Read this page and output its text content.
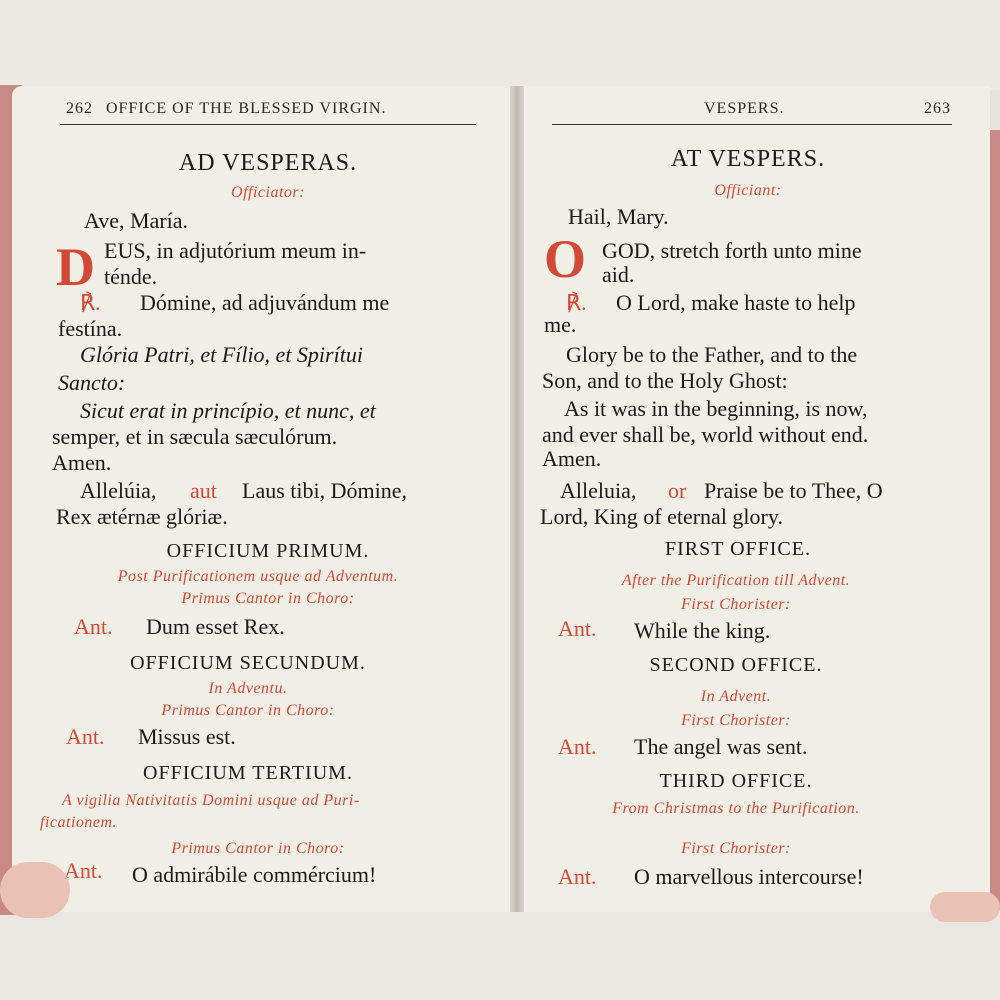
262 OFFICE OF THE BLESSED VIRGIN.
AD VESPERAS.
Officiator:
Ave, María.
D EUS, in adjutórium meum in-
ténde.
℟. Dómine, ad adjuvándum me
festína.
Glória Patri, et Fílio, et Spirítui
Sancto:
Sicut erat in princípio, et nunc, et
semper, et in sæcula sæculórum.
Amen.
Allelúia, aut Laus tibi, Dómine,
Rex ætérnæ glóriæ.
OFFICIUM PRIMUM.
Post Purificationem usque ad Adventum.
Primus Cantor in Choro:
Ant. Dum esset Rex.
OFFICIUM SECUNDUM.
In Adventu.
Primus Cantor in Choro:
Ant. Missus est.
OFFICIUM TERTIUM.
A vigilia Nativitatis Domini usque ad Puri-
ficationem.
Primus Cantor in Choro:
Ant. O admirábile commércium!
VESPERS.	263
AT VESPERS.
Officiant:
Hail, Mary.
O GOD, stretch forth unto mine
aid.
℟. O Lord, make haste to help
me.
Glory be to the Father, and to the
Son, and to the Holy Ghost:
As it was in the beginning, is now,
and ever shall be, world without end.
Amen.
Alleluia, or Praise be to Thee, O
Lord, King of eternal glory.
FIRST OFFICE.
After the Purification till Advent.
First Chorister:
Ant. While the king.
SECOND OFFICE.
In Advent.
First Chorister:
Ant. The angel was sent.
THIRD OFFICE.
From Christmas to the Purification.
First Chorister:
Ant. O marvellous intercourse!
